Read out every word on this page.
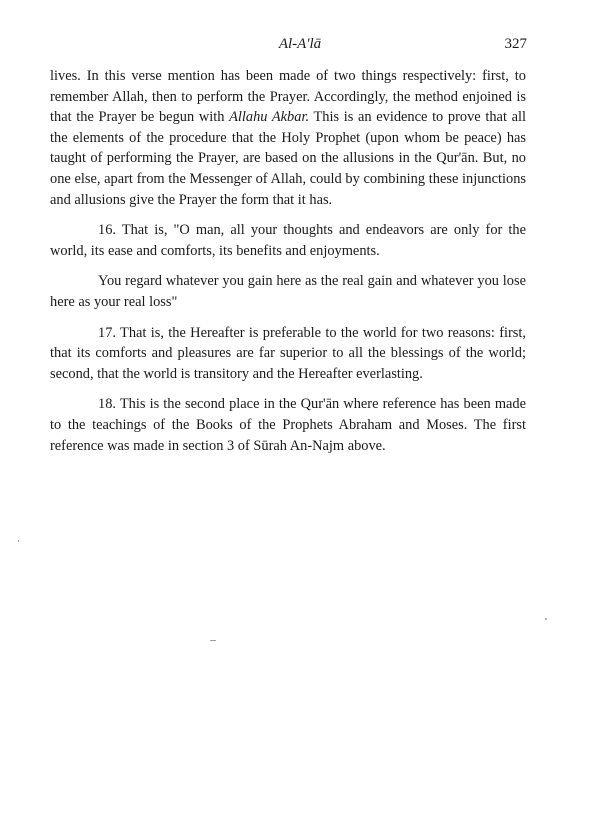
Al-A'lā	327

lives. In this verse mention has been made of two things respectively: first, to remember Allah, then to perform the Prayer. Accordingly, the method enjoined is that the Prayer be begun with Allahu Akbar. This is an evidence to prove that all the elements of the procedure that the Holy Prophet (upon whom be peace) has taught of performing the Prayer, are based on the allusions in the Qur'ān. But, no one else, apart from the Messenger of Allah, could by combining these injunctions and allusions give the Prayer the form that it has.

16. That is, "O man, all your thoughts and endeavors are only for the world, its ease and comforts, its benefits and enjoyments.

You regard whatever you gain here as the real gain and whatever you lose here as your real loss"

17. That is, the Hereafter is preferable to the world for two reasons: first, that its comforts and pleasures are far superior to all the blessings of the world; second, that the world is transitory and the Hereafter everlasting.

18. This is the second place in the Qur'ān where reference has been made to the teachings of the Books of the Prophets Abraham and Moses. The first reference was made in section 3 of Sūrah An-Najm above.
